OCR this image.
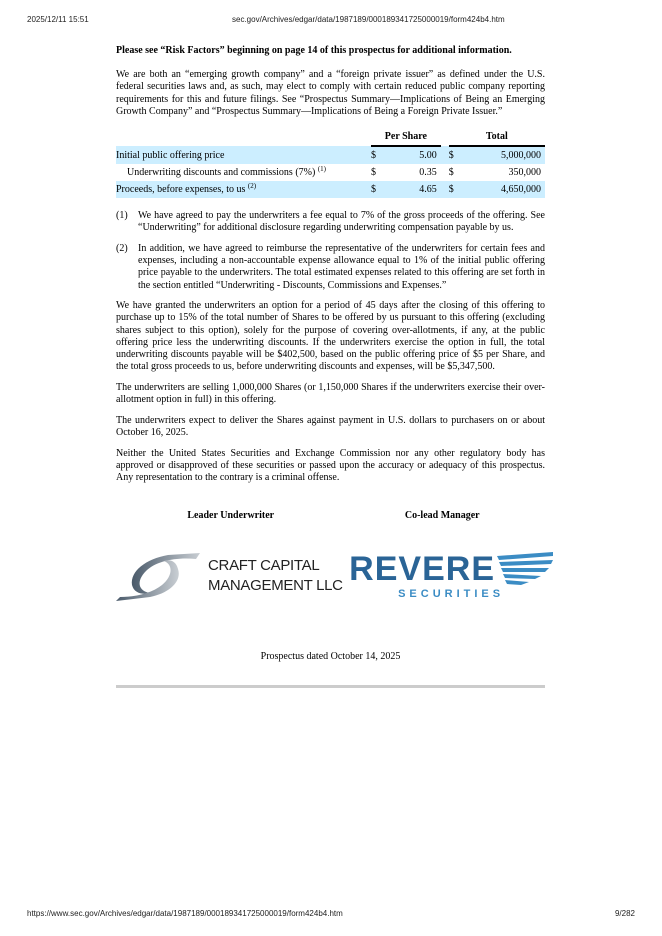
2025/12/11 15:51	sec.gov/Archives/edgar/data/1987189/000189341725000019/form424b4.htm

Please see “Risk Factors” beginning on page 14 of this prospectus for additional information.

We are both an “emerging growth company” and a “foreign private issuer” as defined under the U.S. federal securities laws and, as such, may elect to comply with certain reduced public company reporting requirements for this and future filings. See “Prospectus Summary—Implications of Being an Emerging Growth Company” and “Prospectus Summary—Implications of Being a Foreign Private Issuer.”

	Per Share			Total	
Initial public offering price	$	5.00		$	5,000,000
Underwriting discounts and commissions (7%) $^{(1)}$	$	0.35		$	350,000
Proceeds, before expenses, to us $^{(2)}$	$	4.65		$	4,650,000
(1)	We have agreed to pay the underwriters a fee equal to 7% of the gross proceeds of the offering. See “Underwriting” for additional disclosure regarding underwriting compensation payable by us.
(2)	In addition, we have agreed to reimburse the representative of the underwriters for certain fees and expenses, including a non-accountable expense allowance equal to 1% of the initial public offering price payable to the underwriters. The total estimated expenses related to this offering are set forth in the section entitled “Underwriting - Discounts, Commissions and Expenses.”

We have granted the underwriters an option for a period of 45 days after the closing of this offering to purchase up to 15% of the total number of Shares to be offered by us pursuant to this offering (excluding shares subject to this option), solely for the purpose of covering over-allotments, if any, at the public offering price less the underwriting discounts. If the underwriters exercise the option in full, the total underwriting discounts payable will be $402,500, based on the public offering price of $5 per Share, and the total gross proceeds to us, before underwriting discounts and expenses, will be $5,347,500.

The underwriters are selling 1,000,000 Shares (or 1,150,000 Shares if the underwriters exercise their over-allotment option in full) in this offering.

The underwriters expect to deliver the Shares against payment in U.S. dollars to purchasers on or about October 16, 2025.

Neither the United States Securities and Exchange Commission nor any other regulatory body has approved or disapproved of these securities or passed upon the accuracy or adequacy of this prospectus. Any representation to the contrary is a criminal offense.

Leader Underwriter	Co-lead Manager
CRAFT CAPITAL
MANAGEMENT LLC REVERE
SECURITIES
Prospectus dated October 14, 2025
https://www.sec.gov/Archives/edgar/data/1987189/000189341725000019/form424b4.htm	9/282
